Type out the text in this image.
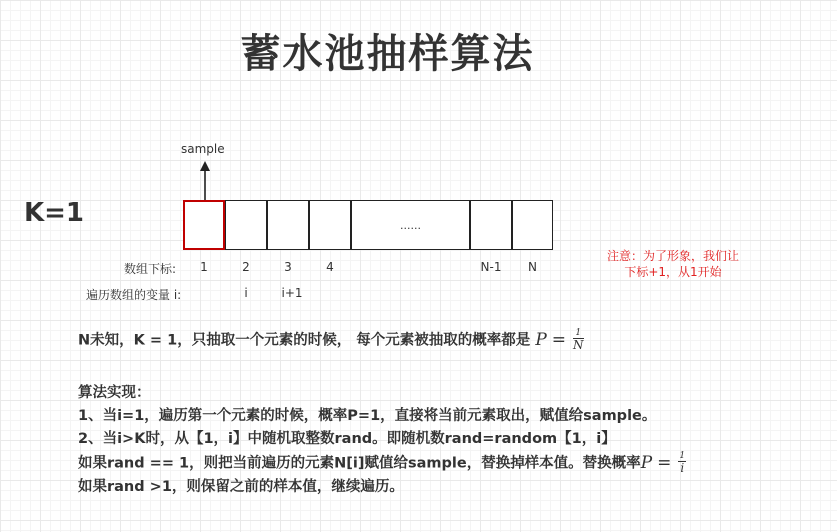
蓄水池抽样算法
K=1
sample
......
数组下标:	1	2	3	4	N-1	N
遍历数组的变量 i:	i	i+1
注意：为了形象，我们让
下标+1，从1开始
N未知，K = 1，只抽取一个元素的时候， 每个元素被抽取的概率都是 $P = \frac{1}{N}$
算法实现：
1、当i=1，遍历第一个元素的时候，概率P=1，直接将当前元素取出，赋值给sample。
2、当i>K时，从【1，i】中随机取整数rand。即随机数rand=random【1，i】
如果rand == 1，则把当前遍历的元素N[i]赋值给sample，替换掉样本值。替换概率$P = \frac{1}{i}$
如果rand >1，则保留之前的样本值，继续遍历。
